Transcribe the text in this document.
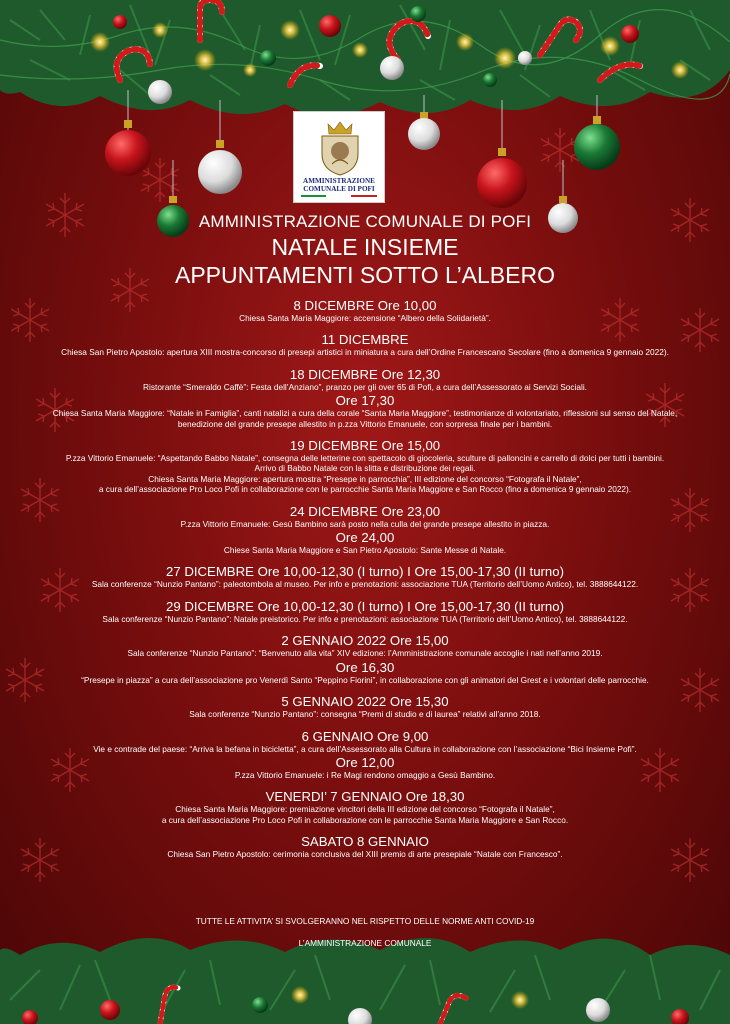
AMMINISTRAZIONE
COMUNALE DI POFI
AMMINISTRAZIONE COMUNALE DI POFI
NATALE INSIEME
APPUNTAMENTI SOTTO L’ALBERO
8 DICEMBRE Ore 10,00

Chiesa Santa Maria Maggiore: accensione “Albero della Solidarietà”.

11 DICEMBRE

Chiesa San Pietro Apostolo: apertura XIII mostra-concorso di presepi artistici in miniatura a cura dell’Ordine Francescano Secolare (fino a domenica 9 gennaio 2022).

18 DICEMBRE Ore 12,30

Ristorante “Smeraldo Caffè”: Festa dell’Anziano”, pranzo per gli over 65 di Pofi, a cura dell’Assessorato ai Servizi Sociali.

Ore 17,30

Chiesa Santa Maria Maggiore: “Natale in Famiglia”, canti natalizi a cura della corale “Santa Maria Maggiore”, testimonianze di volontariato, riflessioni sul senso del Natale,

benedizione del grande presepe allestito in p.zza Vittorio Emanuele, con sorpresa finale per i bambini.

19 DICEMBRE Ore 15,00

P.zza Vittorio Emanuele: “Aspettando Babbo Natale”, consegna delle letterine con spettacolo di giocoleria, sculture di palloncini e carrello di dolci per tutti i bambini.

Arrivo di Babbo Natale con la slitta e distribuzione dei regali.

Chiesa Santa Maria Maggiore: apertura mostra “Presepe in parrocchia”, III edizione del concorso “Fotografa il Natale”,

a cura dell’associazione Pro Loco Pofi in collaborazione con le parrocchie Santa Maria Maggiore e San Rocco (fino a domenica 9 gennaio 2022).

24 DICEMBRE Ore 23,00

P.zza Vittorio Emanuele: Gesù Bambino sarà posto nella culla del grande presepe allestito in piazza.

Ore 24,00

Chiese Santa Maria Maggiore e San Pietro Apostolo: Sante Messe di Natale.

27 DICEMBRE Ore 10,00-12,30 (I turno) I Ore 15,00-17,30 (II turno)

Sala conferenze “Nunzio Pantano”: paleotombola al museo. Per info e prenotazioni: associazione TUA (Territorio dell’Uomo Antico), tel. 3888644122.

29 DICEMBRE Ore 10,00-12,30 (I turno) I Ore 15,00-17,30 (II turno)

Sala conferenze “Nunzio Pantano”: Natale preistorico. Per info e prenotazioni: associazione TUA (Territorio dell’Uomo Antico), tel. 3888644122.

2 GENNAIO 2022 Ore 15,00

Sala conferenze “Nunzio Pantano”: “Benvenuto alla vita” XIV edizione: l’Amministrazione comunale accoglie i nati nell’anno 2019.

Ore 16,30

“Presepe in piazza” a cura dell’associazione pro Venerdì Santo “Peppino Fiorini”, in collaborazione con gli animatori del Grest e i volontari delle parrocchie.

5 GENNAIO 2022 Ore 15,30

Sala conferenze “Nunzio Pantano”: consegna “Premi di studio e di laurea” relativi all’anno 2018.

6 GENNAIO Ore 9,00

Vie e contrade del paese: “Arriva la befana in bicicletta”, a cura dell’Assessorato alla Cultura in collaborazione con l’associazione “Bici Insieme Pofi”.

Ore 12,00

P.zza Vittorio Emanuele: i Re Magi rendono omaggio a Gesù Bambino.

VENERDI’ 7 GENNAIO Ore 18,30

Chiesa Santa Maria Maggiore: premiazione vincitori della III edizione del concorso “Fotografa il Natale”,

a cura dell’associazione Pro Loco Pofi in collaborazione con le parrocchie Santa Maria Maggiore e San Rocco.

SABATO 8 GENNAIO

Chiesa San Pietro Apostolo: cerimonia conclusiva del XIII premio di arte presepiale “Natale con Francesco”.

TUTTE LE ATTIVITA’ SI SVOLGERANNO NEL RISPETTO DELLE NORME ANTI COVID-19
L’AMMINISTRAZIONE COMUNALE
